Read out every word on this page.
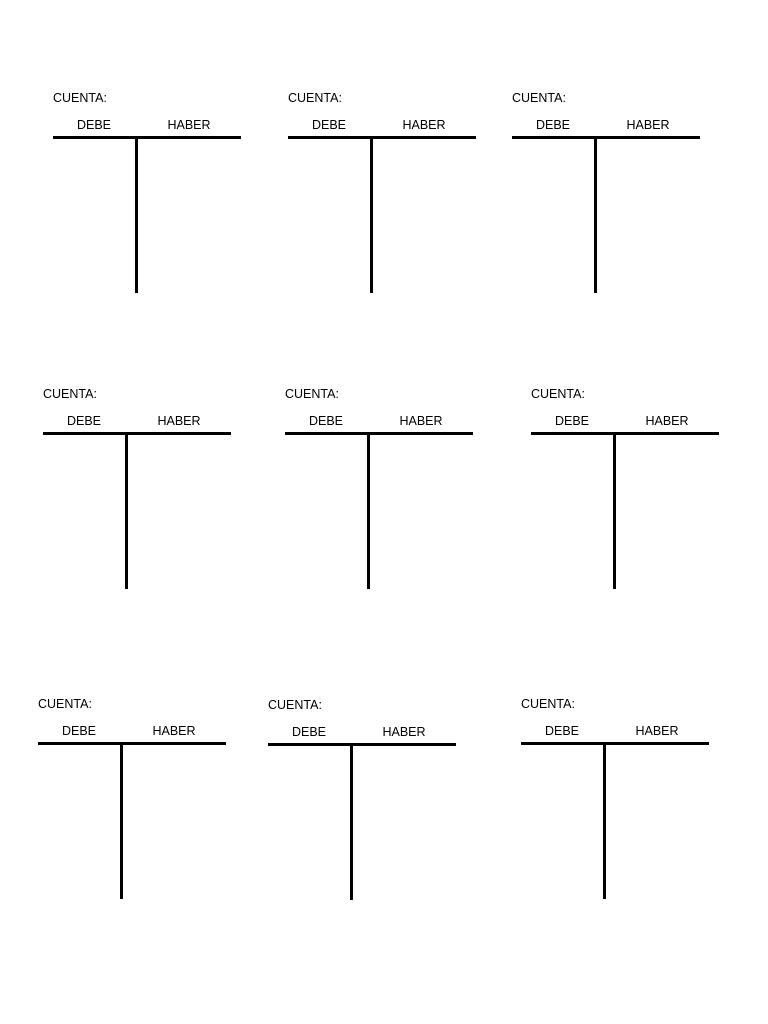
CUENTA:
DEBE	HABER
CUENTA:
DEBE	HABER
CUENTA:
DEBE	HABER
CUENTA:
DEBE	HABER
CUENTA:
DEBE	HABER
CUENTA:
DEBE	HABER
CUENTA:
DEBE	HABER
CUENTA:
DEBE	HABER
CUENTA:
DEBE	HABER
